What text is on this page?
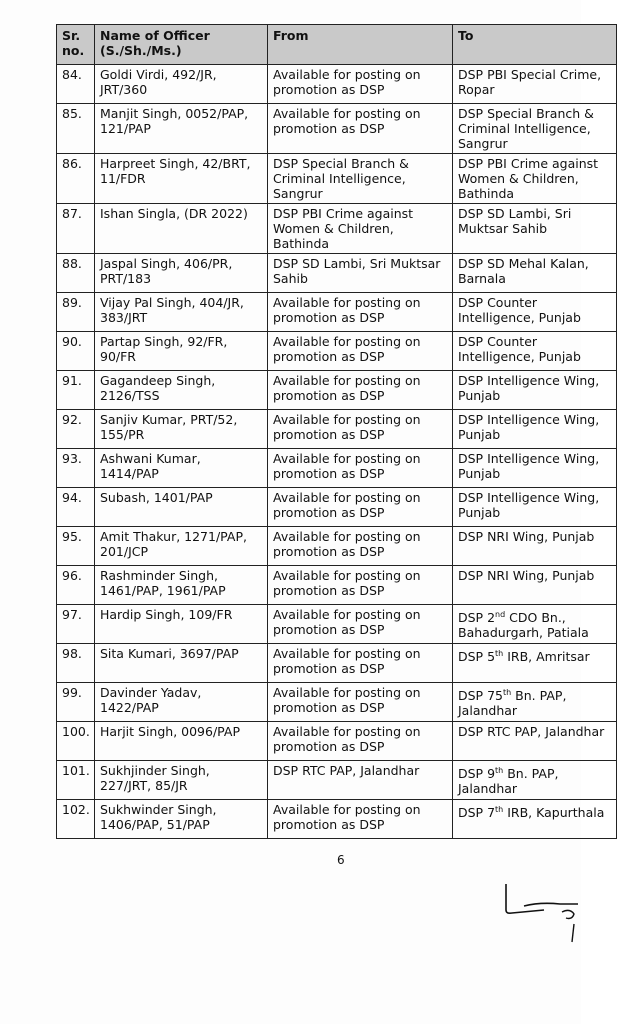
Sr. no.	Name of Officer (S./Sh./Ms.)	From	To
84.	Goldi Virdi, 492/JR, JRT/360	Available for posting on promotion as DSP	DSP PBI Special Crime, Ropar
85.	Manjit Singh, 0052/PAP, 121/PAP	Available for posting on promotion as DSP	DSP Special Branch & Criminal Intelligence, Sangrur
86.	Harpreet Singh, 42/BRT, 11/FDR	DSP Special Branch & Criminal Intelligence, Sangrur	DSP PBI Crime against Women & Children, Bathinda
87.	Ishan Singla, (DR 2022)	DSP PBI Crime against Women & Children, Bathinda	DSP SD Lambi, Sri Muktsar Sahib
88.	Jaspal Singh, 406/PR, PRT/183	DSP SD Lambi, Sri Muktsar Sahib	DSP SD Mehal Kalan, Barnala
89.	Vijay Pal Singh, 404/JR, 383/JRT	Available for posting on promotion as DSP	DSP Counter Intelligence, Punjab
90.	Partap Singh, 92/FR, 90/FR	Available for posting on promotion as DSP	DSP Counter Intelligence, Punjab
91.	Gagandeep Singh, 2126/TSS	Available for posting on promotion as DSP	DSP Intelligence Wing, Punjab
92.	Sanjiv Kumar, PRT/52, 155/PR	Available for posting on promotion as DSP	DSP Intelligence Wing, Punjab
93.	Ashwani Kumar, 1414/PAP	Available for posting on promotion as DSP	DSP Intelligence Wing, Punjab
94.	Subash, 1401/PAP	Available for posting on promotion as DSP	DSP Intelligence Wing, Punjab
95.	Amit Thakur, 1271/PAP, 201/JCP	Available for posting on promotion as DSP	DSP NRI Wing, Punjab
96.	Rashminder Singh, 1461/PAP, 1961/PAP	Available for posting on promotion as DSP	DSP NRI Wing, Punjab
97.	Hardip Singh, 109/FR	Available for posting on promotion as DSP	DSP 2nd CDO Bn., Bahadurgarh, Patiala
98.	Sita Kumari, 3697/PAP	Available for posting on promotion as DSP	DSP 5th IRB, Amritsar
99.	Davinder Yadav, 1422/PAP	Available for posting on promotion as DSP	DSP 75th Bn. PAP, Jalandhar
100.	Harjit Singh, 0096/PAP	Available for posting on promotion as DSP	DSP RTC PAP, Jalandhar
101.	Sukhjinder Singh, 227/JRT, 85/JR	DSP RTC PAP, Jalandhar	DSP 9th Bn. PAP, Jalandhar
102.	Sukhwinder Singh, 1406/PAP, 51/PAP	Available for posting on promotion as DSP	DSP 7th IRB, Kapurthala
6
